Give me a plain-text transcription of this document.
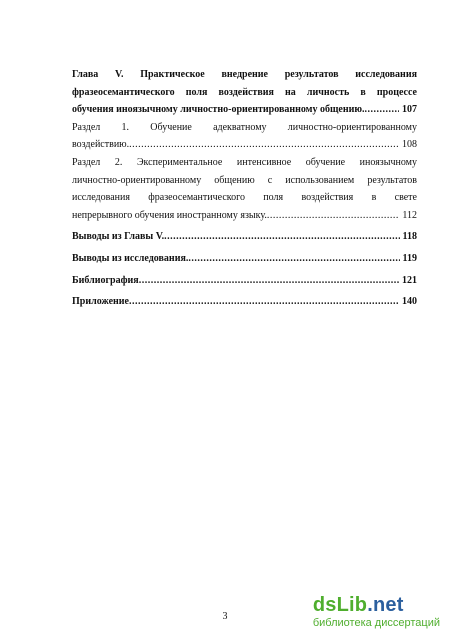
Глава V. Практическое внедрение результатов исследования
фразеосемантического поля воздействия на личность в процессе
обучения иноязычному личностно-ориентированному общению. .....	107
Раздел 1. Обучение адекватному личностно-ориентированному
воздействию. .....	108
Раздел 2. Экспериментальное интенсивное обучение иноязычному
личностно-ориентированному общению с использованием результатов
исследования фразеосемантического поля воздействия в свете
непрерывного обучения иностранному языку. .....	112
Выводы из Главы V. .....	118
Выводы из исследования. .....	119
Библиография .....	121
Приложение .....	140
3
dsLib.net
библиотека диссертаций
